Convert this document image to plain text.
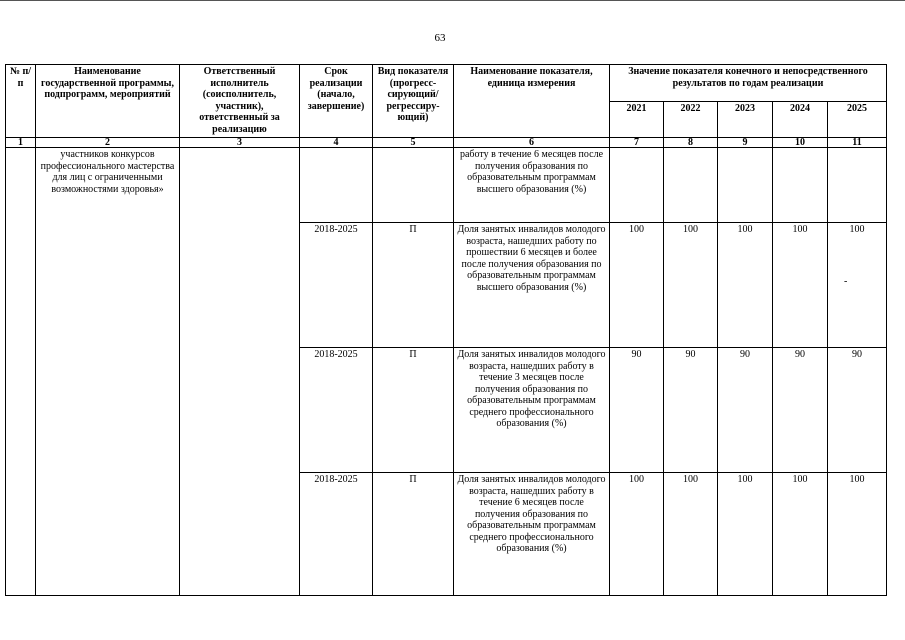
63
№ п/п	Наименование государственной программы, подпрограмм, мероприятий	Ответственный исполнитель (соисполнитель, участник), ответственный за реализацию	Срок реализации (начало, завершение)	Вид показателя (прогресс-сирующий/ регрессиру-ющий)	Наименование показателя, единица измерения	Значение показателя конечного и непосредственного результатов по годам реализации				
						2021	2022	2023	2024	2025
1	2	3	4	5	6	7	8	9	10	11
	участников конкурсов профессионального мастерства для лиц с ограниченными возможностями здоровья»				работу в течение 6 месяцев после получения образования по образовательным программам высшего образования (%)					
			2018-2025	П	Доля занятых инвалидов молодого возраста, нашедших работу по прошествии 6 месяцев и более после получения образования по образовательным программам высшего образования (%)	100	100	100	100	100
			2018-2025	П	Доля занятых инвалидов молодого возраста, нашедших работу в течение 3 месяцев после получения образования по образовательным программам среднего профессионального образования (%)	90	90	90	90	90
			2018-2025	П	Доля занятых инвалидов молодого возраста, нашедших работу в течение 6 месяцев после получения образования по образовательным программам среднего профессионального образования (%)	100	100	100	100	100
-
